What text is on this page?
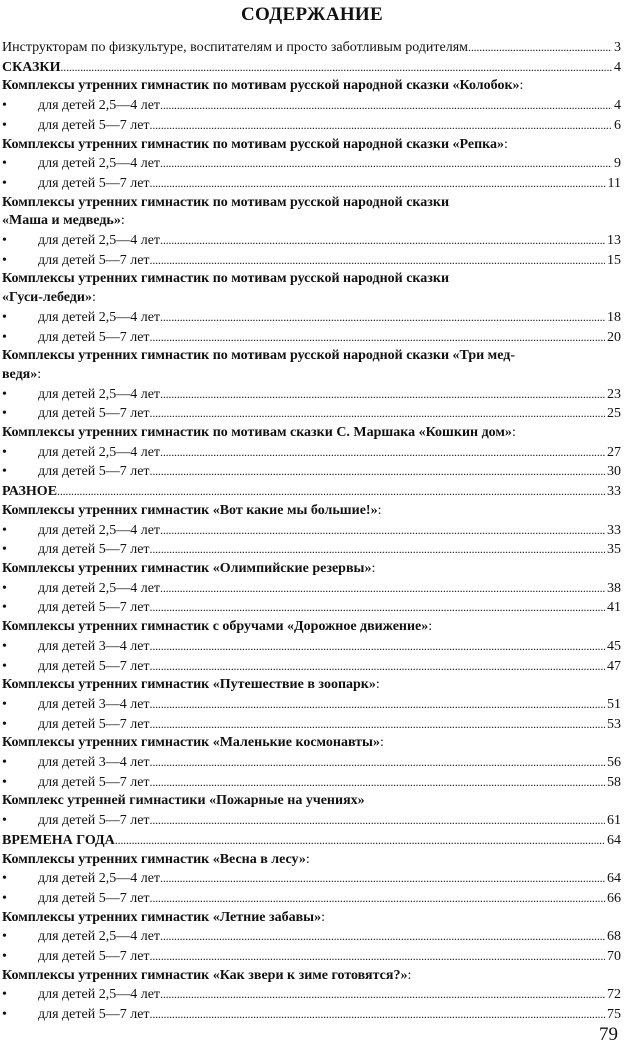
СОДЕРЖАНИЕ
Инструкторам по физкультуре, воспитателям и просто заботливым родителям . . .	3
СКАЗКИ . . .	4
Комплексы утренних гимнастик по мотивам русской народной сказки «Колобок»:
•	для детей 2,5—4 лет . . .	4
•	для детей 5—7 лет . . .	6
Комплексы утренних гимнастик по мотивам русской народной сказки «Репка»:
•	для детей 2,5—4 лет . . .	9
•	для детей 5—7 лет . . .	11
Комплексы утренних гимнастик по мотивам русской народной сказки
«Маша и медведь»:
•	для детей 2,5—4 лет . . .	13
•	для детей 5—7 лет . . .	15
Комплексы утренних гимнастик по мотивам русской народной сказки
«Гуси-лебеди»:
•	для детей 2,5—4 лет . . .	18
•	для детей 5—7 лет . . .	20
Комплексы утренних гимнастик по мотивам русской народной сказки «Три мед-
ведя»:
•	для детей 2,5—4 лет . . .	23
•	для детей 5—7 лет . . .	25
Комплексы утренних гимнастик по мотивам сказки С. Маршака «Кошкин дом»:
•	для детей 2,5—4 лет . . .	27
•	для детей 5—7 лет . . .	30
РАЗНОЕ . . .	33
Комплексы утренних гимнастик «Вот какие мы большие!»:
•	для детей 2,5—4 лет . . .	33
•	для детей 5—7 лет . . .	35
Комплексы утренних гимнастик «Олимпийские резервы»:
•	для детей 2,5—4 лет . . .	38
•	для детей 5—7 лет . . .	41
Комплексы утренних гимнастик с обручами «Дорожное движение»:
•	для детей 3—4 лет . . .	45
•	для детей 5—7 лет . . .	47
Комплексы утренних гимнастик «Путешествие в зоопарк»:
•	для детей 3—4 лет . . .	51
•	для детей 5—7 лет . . .	53
Комплексы утренних гимнастик «Маленькие космонавты»:
•	для детей 3—4 лет . . .	56
•	для детей 5—7 лет . . .	58
Комплекс утренней гимнастики «Пожарные на учениях»
•	для детей 5—7 лет . . .	61
ВРЕМЕНА ГОДА . . .	64
Комплексы утренних гимнастик «Весна в лесу»:
•	для детей 2,5—4 лет . . .	64
•	для детей 5—7 лет . . .	66
Комплексы утренних гимнастик «Летние забавы»:
•	для детей 2,5—4 лет . . .	68
•	для детей 5—7 лет . . .	70
Комплексы утренних гимнастик «Как звери к зиме готовятся?»:
•	для детей 2,5—4 лет . . .	72
•	для детей 5—7 лет . . .	75
79
